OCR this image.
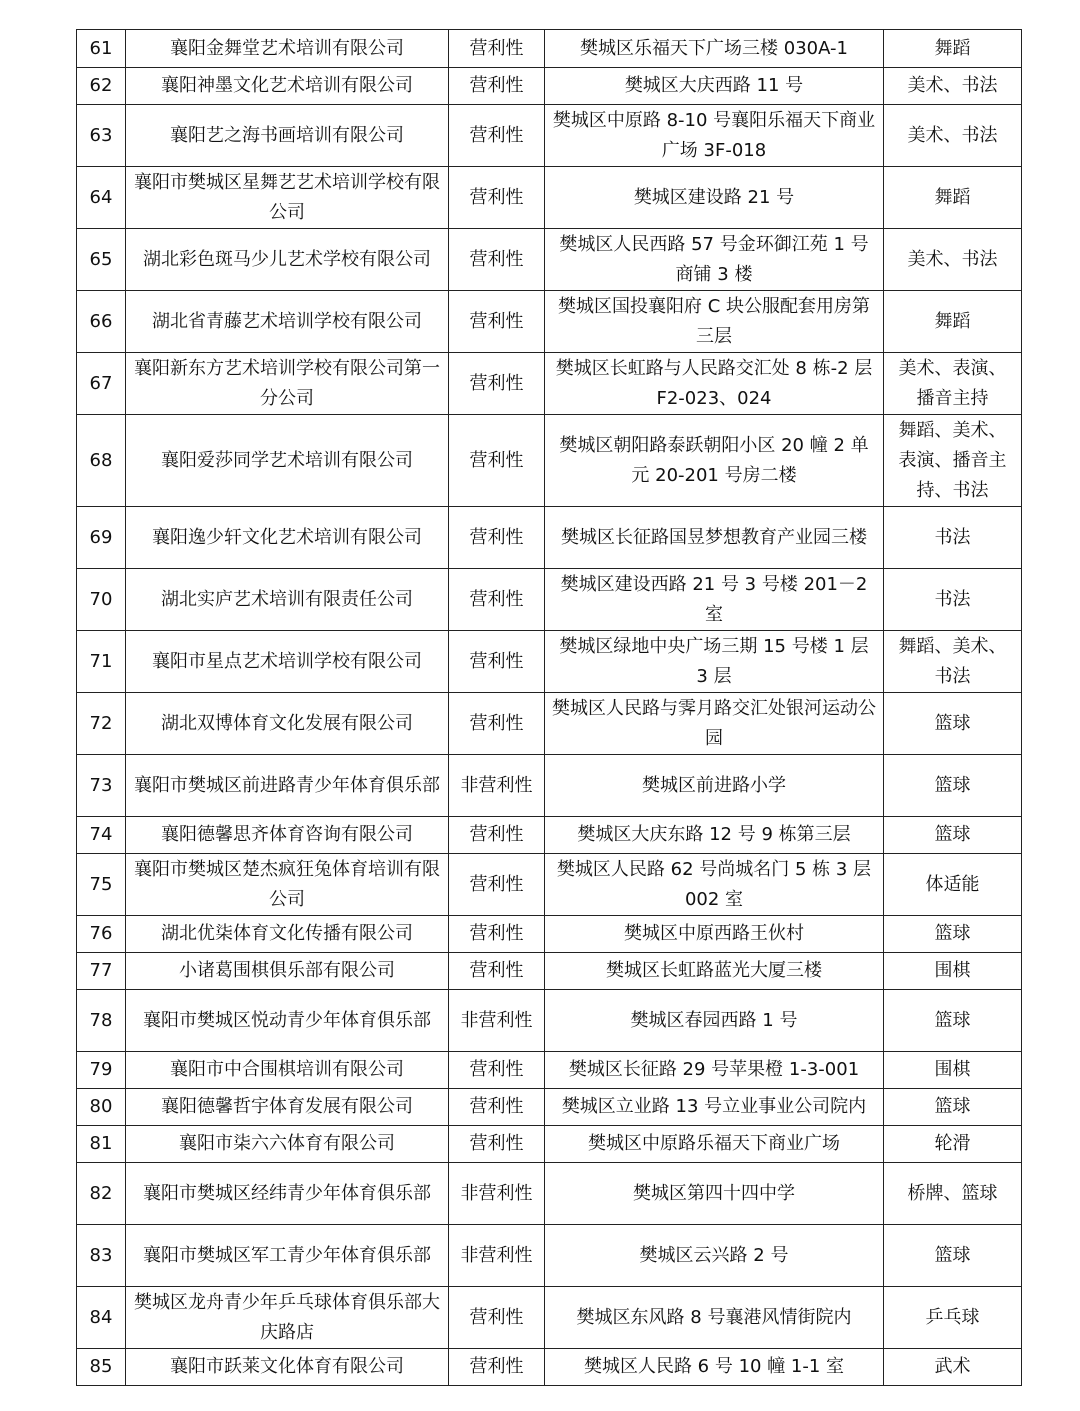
61	襄阳金舞堂艺术培训有限公司	营利性	樊城区乐福天下广场三楼 030A-1	舞蹈
62	襄阳神墨文化艺术培训有限公司	营利性	樊城区大庆西路 11 号	美术、书法
63	襄阳艺之海书画培训有限公司	营利性	樊城区中原路 8-10 号襄阳乐福天下商业广场 3F-018	美术、书法
64	襄阳市樊城区星舞艺艺术培训学校有限公司	营利性	樊城区建设路 21 号	舞蹈
65	湖北彩色斑马少儿艺术学校有限公司	营利性	樊城区人民西路 57 号金环御江苑 1 号商铺 3 楼	美术、书法
66	湖北省青藤艺术培训学校有限公司	营利性	樊城区国投襄阳府 C 块公服配套用房第三层	舞蹈
67	襄阳新东方艺术培训学校有限公司第一分公司	营利性	樊城区长虹路与人民路交汇处 8 栋-2 层 F2-023、024	美术、表演、播音主持
68	襄阳爱莎同学艺术培训有限公司	营利性	樊城区朝阳路泰跃朝阳小区 20 幢 2 单元 20-201 号房二楼	舞蹈、美术、表演、播音主持、书法
69	襄阳逸少轩文化艺术培训有限公司	营利性	樊城区长征路国昱梦想教育产业园三楼	书法
70	湖北实庐艺术培训有限责任公司	营利性	樊城区建设西路 21 号 3 号楼 201－2 室	书法
71	襄阳市星点艺术培训学校有限公司	营利性	樊城区绿地中央广场三期 15 号楼 1 层 3 层	舞蹈、美术、书法
72	湖北双博体育文化发展有限公司	营利性	樊城区人民路与霁月路交汇处银河运动公园	篮球
73	襄阳市樊城区前进路青少年体育俱乐部	非营利性	樊城区前进路小学	篮球
74	襄阳德馨思齐体育咨询有限公司	营利性	樊城区大庆东路 12 号 9 栋第三层	篮球
75	襄阳市樊城区楚杰疯狂兔体育培训有限公司	营利性	樊城区人民路 62 号尚城名门 5 栋 3 层 002 室	体适能
76	湖北优柒体育文化传播有限公司	营利性	樊城区中原西路王伙村	篮球
77	小诸葛围棋俱乐部有限公司	营利性	樊城区长虹路蓝光大厦三楼	围棋
78	襄阳市樊城区悦动青少年体育俱乐部	非营利性	樊城区春园西路 1 号	篮球
79	襄阳市中合围棋培训有限公司	营利性	樊城区长征路 29 号苹果橙 1-3-001	围棋
80	襄阳德馨哲宇体育发展有限公司	营利性	樊城区立业路 13 号立业事业公司院内	篮球
81	襄阳市柒六六体育有限公司	营利性	樊城区中原路乐福天下商业广场	轮滑
82	襄阳市樊城区经纬青少年体育俱乐部	非营利性	樊城区第四十四中学	桥牌、篮球
83	襄阳市樊城区军工青少年体育俱乐部	非营利性	樊城区云兴路 2 号	篮球
84	樊城区龙舟青少年乒乓球体育俱乐部大庆路店	营利性	樊城区东风路 8 号襄港风情街院内	乒乓球
85	襄阳市跃莱文化体育有限公司	营利性	樊城区人民路 6 号 10 幢 1-1 室	武术
